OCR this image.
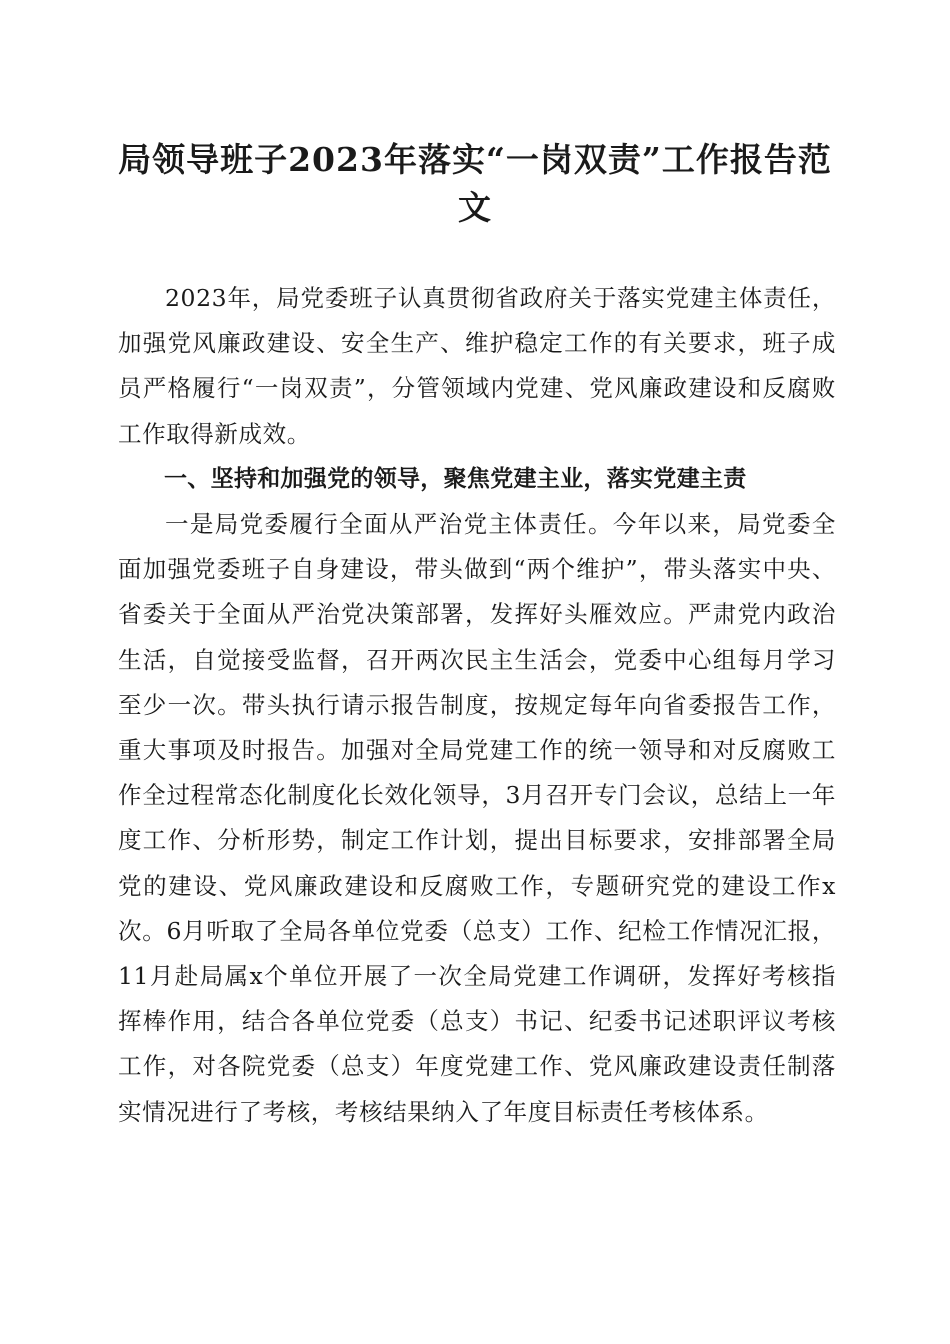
局领导班子2023年落实“一岗双责”工作报告范文

2023年，局党委班子认真贯彻省政府关于落实党建主体责任，加强党风廉政建设、安全生产、维护稳定工作的有关要求，班子成员严格履行“一岗双责”，分管领域内党建、党风廉政建设和反腐败工作取得新成效。

一、坚持和加强党的领导，聚焦党建主业，落实党建主责

一是局党委履行全面从严治党主体责任。今年以来，局党委全面加强党委班子自身建设，带头做到“两个维护”，带头落实中央、省委关于全面从严治党决策部署，发挥好头雁效应。严肃党内政治生活，自觉接受监督，召开两次民主生活会，党委中心组每月学习至少一次。带头执行请示报告制度，按规定每年向省委报告工作，重大事项及时报告。加强对全局党建工作的统一领导和对反腐败工作全过程常态化制度化长效化领导，3月召开专门会议，总结上一年度工作、分析形势，制定工作计划，提出目标要求，安排部署全局党的建设、党风廉政建设和反腐败工作，专题研究党的建设工作x次。6月听取了全局各单位党委（总支）工作、纪检工作情况汇报，11月赴局属x个单位开展了一次全局党建工作调研，发挥好考核指挥棒作用，结合各单位党委（总支）书记、纪委书记述职评议考核工作，对各院党委（总支）年度党建工作、党风廉政建设责任制落实情况进行了考核，考核结果纳入了年度目标责任考核体系。
